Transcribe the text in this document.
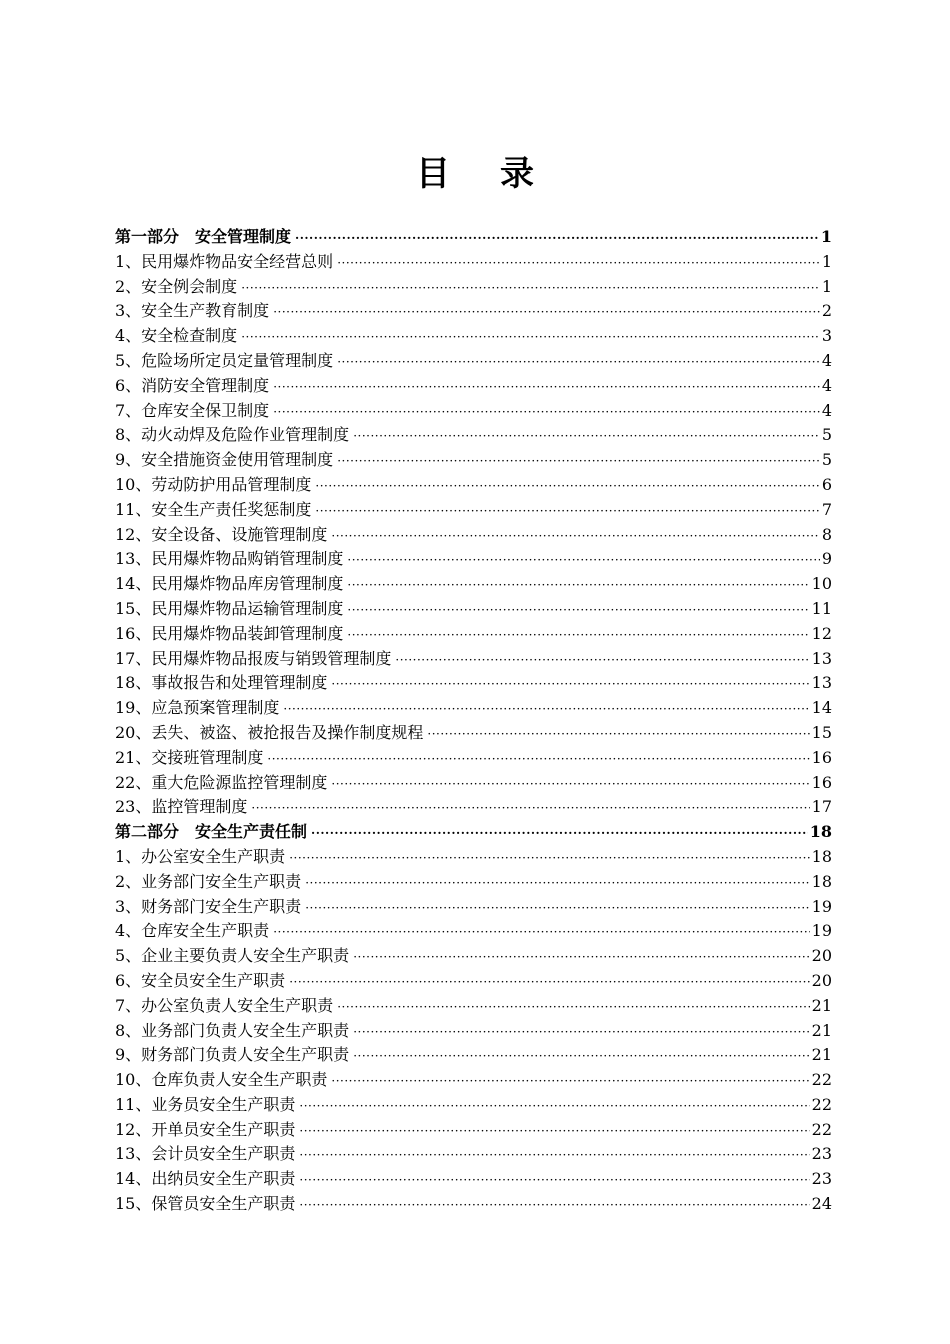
目 录
第一部分　安全管理制度 ·····	1
1、民用爆炸物品安全经营总则 ·····	1
2、安全例会制度 ·····	1
3、安全生产教育制度 ·····	2
4、安全检查制度 ·····	3
5、危险场所定员定量管理制度 ·····	4
6、消防安全管理制度 ·····	4
7、仓库安全保卫制度 ·····	4
8、动火动焊及危险作业管理制度 ·····	5
9、安全措施资金使用管理制度 ·····	5
10、劳动防护用品管理制度 ·····	6
11、安全生产责任奖惩制度 ·····	7
12、安全设备、设施管理制度 ·····	8
13、民用爆炸物品购销管理制度 ·····	9
14、民用爆炸物品库房管理制度 ·····	10
15、民用爆炸物品运输管理制度 ·····	11
16、民用爆炸物品装卸管理制度 ·····	12
17、民用爆炸物品报废与销毁管理制度 ·····	13
18、事故报告和处理管理制度 ·····	13
19、应急预案管理制度 ·····	14
20、丢失、被盗、被抢报告及操作制度规程 ·····	15
21、交接班管理制度 ·····	16
22、重大危险源监控管理制度 ·····	16
23、监控管理制度 ·····	17
第二部分　安全生产责任制 ·····	18
1、办公室安全生产职责 ·····	18
2、业务部门安全生产职责 ·····	18
3、财务部门安全生产职责 ·····	19
4、仓库安全生产职责 ·····	19
5、企业主要负责人安全生产职责 ·····	20
6、安全员安全生产职责 ·····	20
7、办公室负责人安全生产职责 ·····	21
8、业务部门负责人安全生产职责 ·····	21
9、财务部门负责人安全生产职责 ·····	21
10、仓库负责人安全生产职责 ·····	22
11、业务员安全生产职责 ·····	22
12、开单员安全生产职责 ·····	22
13、会计员安全生产职责 ·····	23
14、出纳员安全生产职责 ·····	23
15、保管员安全生产职责 ·····	24
